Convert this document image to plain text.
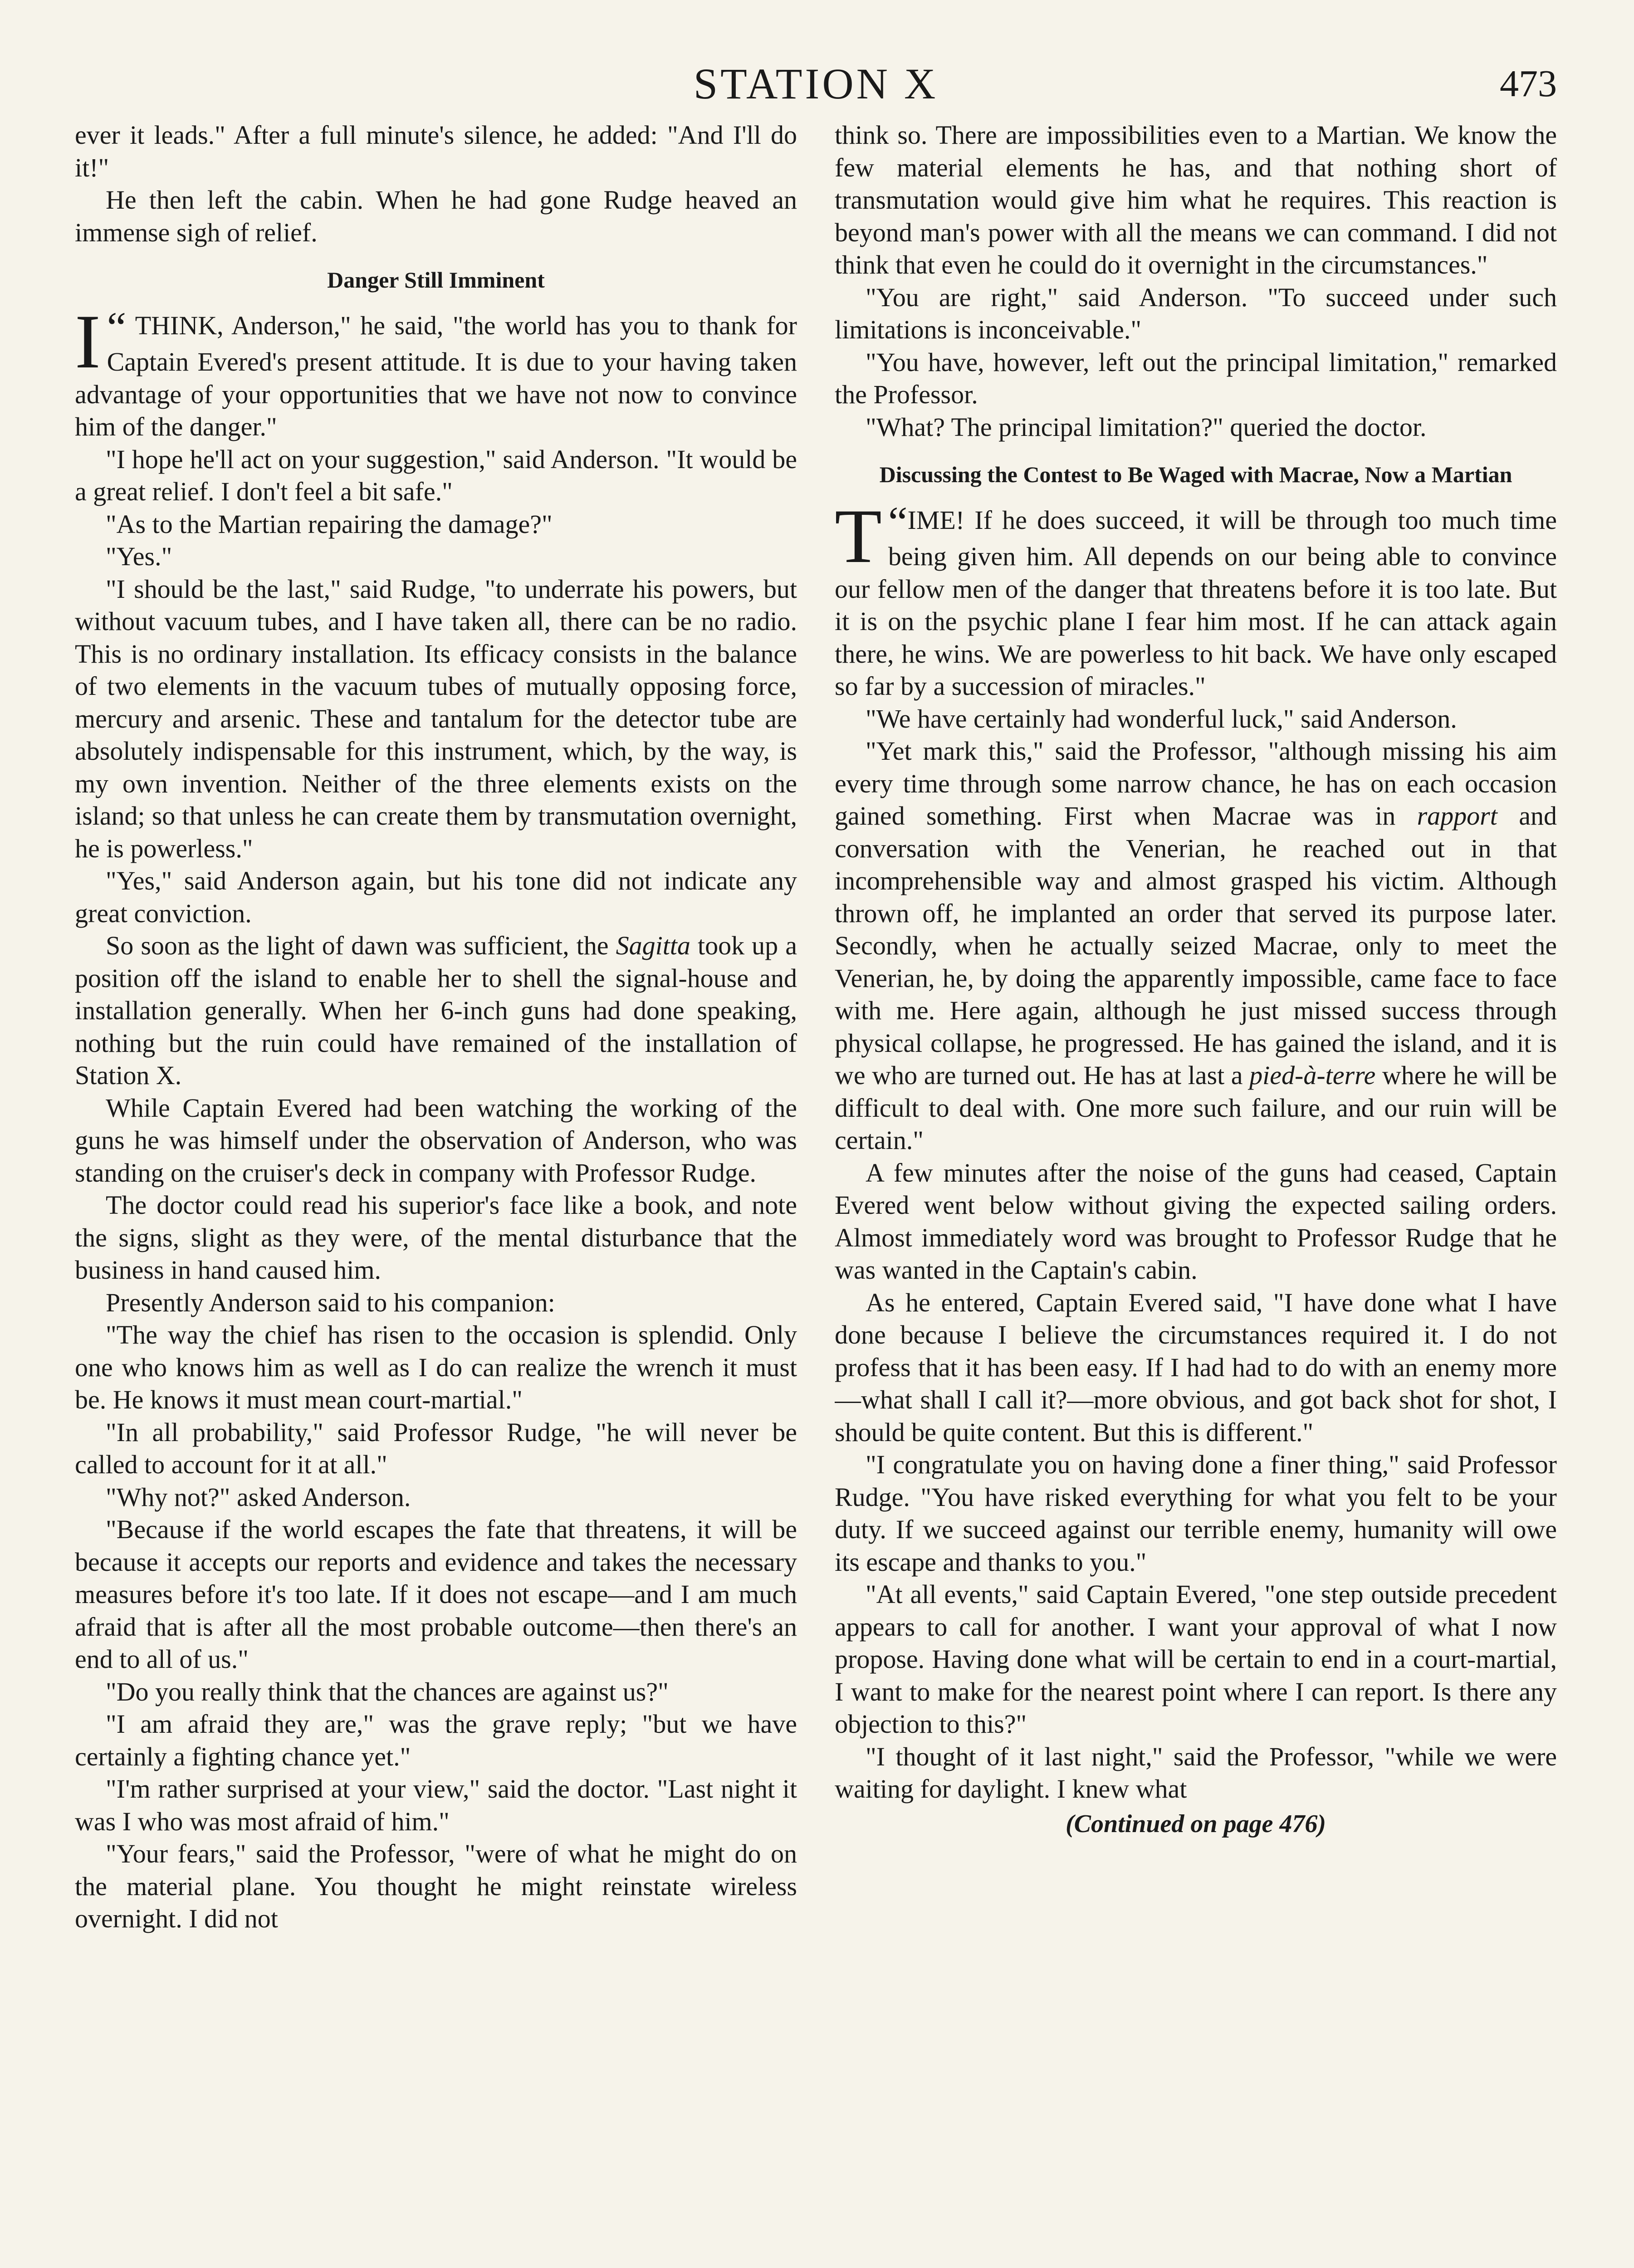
STATION X	473

ever it leads." After a full minute's silence, he added: "And I'll do it!"

He then left the cabin. When he had gone Rudge heaved an immense sigh of relief.

Danger Still Imminent

“
I THINK, Anderson," he said, "the world has you to thank for Captain Evered's present attitude. It is due to your having taken advantage of your opportunities that we have not now to convince him of the danger."

"I hope he'll act on your suggestion," said Anderson. "It would be a great relief. I don't feel a bit safe."

"As to the Martian repairing the damage?"

"Yes."

"I should be the last," said Rudge, "to underrate his powers, but without vacuum tubes, and I have taken all, there can be no radio. This is no ordinary installation. Its efficacy consists in the balance of two elements in the vacuum tubes of mutually opposing force, mercury and arsenic. These and tantalum for the detector tube are absolutely indispensable for this instrument, which, by the way, is my own invention. Neither of the three elements exists on the island; so that unless he can create them by transmutation overnight, he is powerless."

"Yes," said Anderson again, but his tone did not indicate any great conviction.

So soon as the light of dawn was sufficient, the Sagitta took up a position off the island to enable her to shell the signal-house and installation generally. When her 6-inch guns had done speaking, nothing but the ruin could have remained of the installation of Station X.

While Captain Evered had been watching the working of the guns he was himself under the observation of Anderson, who was standing on the cruiser's deck in company with Professor Rudge.

The doctor could read his superior's face like a book, and note the signs, slight as they were, of the mental disturbance that the business in hand caused him.

Presently Anderson said to his companion:

"The way the chief has risen to the occasion is splendid. Only one who knows him as well as I do can realize the wrench it must be. He knows it must mean court-martial."

"In all probability," said Professor Rudge, "he will never be called to account for it at all."

"Why not?" asked Anderson.

"Because if the world escapes the fate that threatens, it will be because it accepts our reports and evidence and takes the necessary measures before it's too late. If it does not escape—and I am much afraid that is after all the most probable outcome—then there's an end to all of us."

"Do you really think that the chances are against us?"

"I am afraid they are," was the grave reply; "but we have certainly a fighting chance yet."

"I'm rather surprised at your view," said the doctor. "Last night it was I who was most afraid of him."

"Your fears," said the Professor, "were of what he might do on the material plane. You thought he might reinstate wireless overnight. I did not

think so. There are impossibilities even to a Martian. We know the few material elements he has, and that nothing short of transmutation would give him what he requires. This reaction is beyond man's power with all the means we can command. I did not think that even he could do it overnight in the circumstances."

"You are right," said Anderson. "To succeed under such limitations is inconceivable."

"You have, however, left out the principal limitation," remarked the Professor.

"What? The principal limitation?" queried the doctor.

Discussing the Contest to Be Waged with Macrae, Now a Martian

“
T IME! If he does succeed, it will be through too much time being given him. All depends on our being able to convince our fellow men of the danger that threatens before it is too late. But it is on the psychic plane I fear him most. If he can attack again there, he wins. We are powerless to hit back. We have only escaped so far by a succession of miracles."

"We have certainly had wonderful luck," said Anderson.

"Yet mark this," said the Professor, "although missing his aim every time through some narrow chance, he has on each occasion gained something. First when Macrae was in rapport and conversation with the Venerian, he reached out in that incomprehensible way and almost grasped his victim. Although thrown off, he implanted an order that served its purpose later. Secondly, when he actually seized Macrae, only to meet the Venerian, he, by doing the apparently impossible, came face to face with me. Here again, although he just missed success through physical collapse, he progressed. He has gained the island, and it is we who are turned out. He has at last a pied-à-terre where he will be difficult to deal with. One more such failure, and our ruin will be certain."

A few minutes after the noise of the guns had ceased, Captain Evered went below without giving the expected sailing orders. Almost immediately word was brought to Professor Rudge that he was wanted in the Captain's cabin.

As he entered, Captain Evered said, "I have done what I have done because I believe the circumstances required it. I do not profess that it has been easy. If I had had to do with an enemy more—what shall I call it?—more obvious, and got back shot for shot, I should be quite content. But this is different."

"I congratulate you on having done a finer thing," said Professor Rudge. "You have risked everything for what you felt to be your duty. If we succeed against our terrible enemy, humanity will owe its escape and thanks to you."

"At all events," said Captain Evered, "one step outside precedent appears to call for another. I want your approval of what I now propose. Having done what will be certain to end in a court-martial, I want to make for the nearest point where I can report. Is there any objection to this?"

"I thought of it last night," said the Professor, "while we were waiting for daylight. I knew what

(Continued on page 476)
